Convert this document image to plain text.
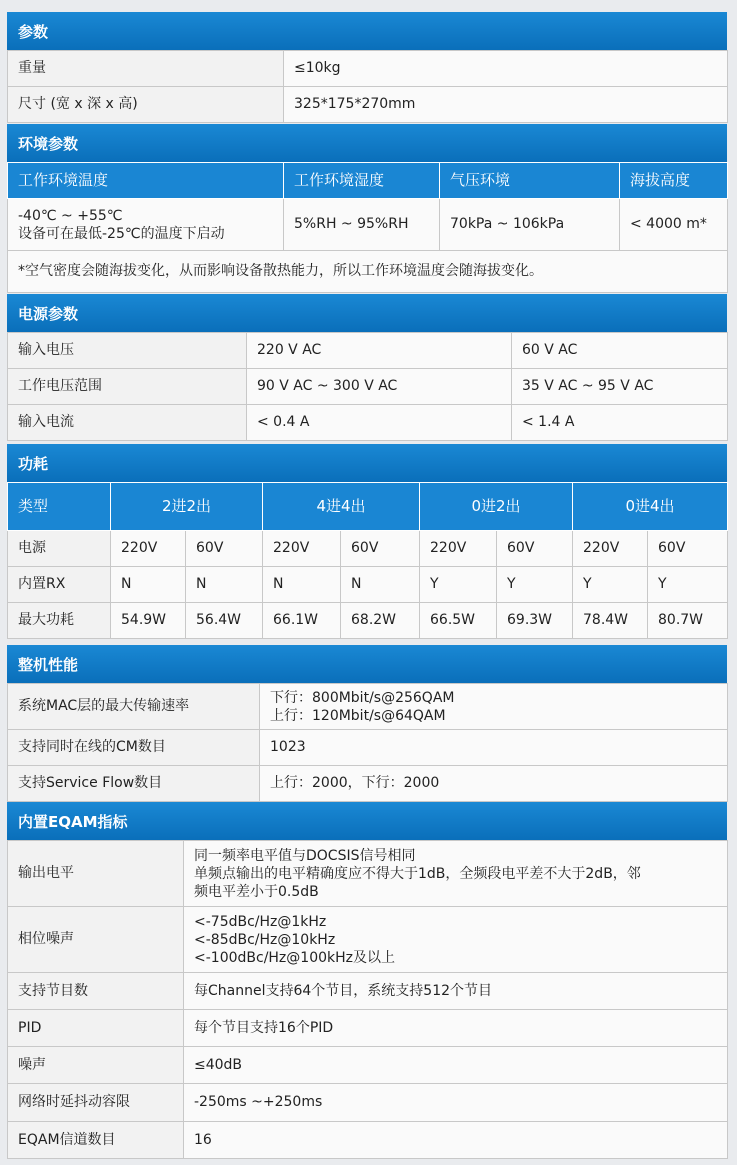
参数
重量	≤10kg
尺寸 (宽 x 深 x 高)	325*175*270mm
环境参数
工作环境温度	工作环境湿度	气压环境	海拔高度

-40℃ ~ +55℃
设备可在最低-25℃的温度下启动	5%RH ~ 95%RH	70kPa ~ 106kPa	< 4000 m*
*空气密度会随海拔变化，从而影响设备散热能力，所以工作环境温度会随海拔变化。			
电源参数
输入电压	220 V AC	60 V AC
工作电压范围	90 V AC ~ 300 V AC	35 V AC ~ 95 V AC
输入电流	< 0.4 A	< 1.4 A
功耗
类型	2进2出		4进4出		0进2出		0进4出	
电源	220V	60V	220V	60V	220V	60V	220V	60V
内置RX	N	N	N	N	Y	Y	Y	Y
最大功耗	54.9W	56.4W	66.1W	68.2W	66.5W	69.3W	78.4W	80.7W
整机性能
系统MAC层的最大传输速率	下行：800Mbit/s@256QAM
上行：120Mbit/s@64QAM

支持同时在线的CM数目	1023
支持Service Flow数目	上行：2000，下行：2000
内置EQAM指标
输出电平	同一频率电平值与DOCSIS信号相同
单频点输出的电平精确度应不得大于1dB，全频段电平差不大于2dB，邻
频电平差小于0.5dB

相位噪声	<-75dBc/Hz@1kHz
<-85dBc/Hz@10kHz
<-100dBc/Hz@100kHz及以上

支持节目数	每Channel支持64个节目，系统支持512个节目
PID	每个节目支持16个PID
噪声	≤40dB
网络时延抖动容限	-250ms ~+250ms
EQAM信道数目	16
